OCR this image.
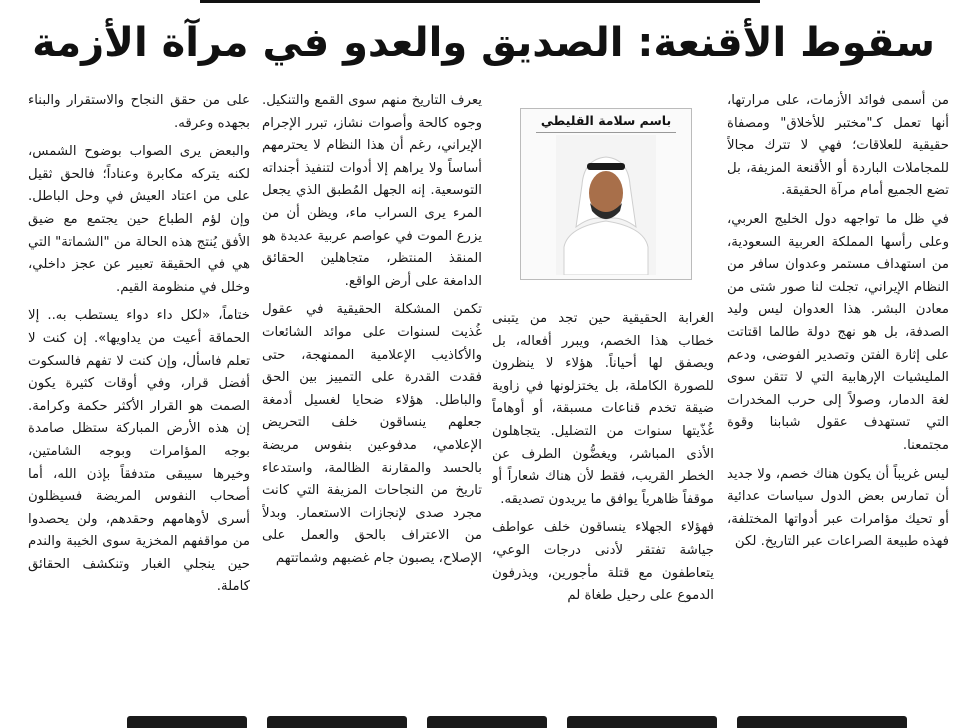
سقوط الأقنعة: الصديق والعدو في مرآة الأزمة

من أسمى فوائد الأزمات، على مرارتها، أنها تعمل كـ"مختبر للأخلاق" ومصفاة حقيقية للعلاقات؛ فهي لا تترك مجالاً للمجاملات الباردة أو الأقنعة المزيفة، بل تضع الجميع أمام مرآة الحقيقة.

في ظل ما تواجهه دول الخليج العربي، وعلى رأسها المملكة العربية السعودية، من استهداف مستمر وعدوان سافر من النظام الإيراني، تجلت لنا صور شتى من معادن البشر. هذا العدوان ليس وليد الصدفة، بل هو نهج دولة طالما اقتاتت على إثارة الفتن وتصدير الفوضى، ودعم المليشيات الإرهابية التي لا تتقن سوى لغة الدمار، وصولاً إلى حرب المخدرات التي تستهدف عقول شبابنا وقوة مجتمعنا.

ليس غريباً أن يكون هناك خصم، ولا جديد أن تمارس بعض الدول سياسات عدائية أو تحيك مؤامرات عبر أدواتها المختلفة، فهذه طبيعة الصراعات عبر التاريخ. لكن

باسم سلامة القليطي

الغرابة الحقيقية حين تجد من يتبنى خطاب هذا الخصم، ويبرر أفعاله، بل ويصفق لها أحياناً. هؤلاء لا ينظرون للصورة الكاملة، بل يختزلونها في زاوية ضيقة تخدم قناعات مسبقة، أو أوهاماً غُذّيتها سنوات من التضليل. يتجاهلون الأذى المباشر، ويغضُّون الطرف عن الخطر القريب، فقط لأن هناك شعاراً أو موقفاً ظاهرياً يوافق ما يريدون تصديقه.

فهؤلاء الجهلاء ينساقون خلف عواطف جياشة تفتقر لأدنى درجات الوعي، يتعاطفون مع قتلة مأجورين، ويذرفون الدموع على رحيل طغاة لم

يعرف التاريخ منهم سوى القمع والتنكيل. وجوه كالحة وأصوات نشاز، تبرر الإجرام الإيراني، رغم أن هذا النظام لا يحترمهم أساساً ولا يراهم إلا أدوات لتنفيذ أجنداته التوسعية. إنه الجهل المُطبق الذي يجعل المرء يرى السراب ماء، ويظن أن من يزرع الموت في عواصم عربية عديدة هو المنقذ المنتظر، متجاهلين الحقائق الدامغة على أرض الواقع.

تكمن المشكلة الحقيقية في عقول غُذيت لسنوات على موائد الشائعات والأكاذيب الإعلامية الممنهجة، حتى فقدت القدرة على التمييز بين الحق والباطل. هؤلاء ضحايا لغسيل أدمغة جعلهم ينساقون خلف التحريض الإعلامي، مدفوعين بنفوس مريضة بالحسد والمقارنة الظالمة، واستدعاء تاريخ من النجاحات المزيفة التي كانت مجرد صدى لإنجازات الاستعمار. وبدلاً من الاعتراف بالحق والعمل على الإصلاح، يصبون جام غضبهم وشماتتهم

على من حقق النجاح والاستقرار والبناء بجهده وعرقه.

والبعض يرى الصواب بوضوح الشمس، لكنه يتركه مكابرة وعناداً؛ فالحق ثقيل على من اعتاد العيش في وحل الباطل. وإن لؤم الطباع حين يجتمع مع ضيق الأفق يُنتج هذه الحالة من "الشماتة" التي هي في الحقيقة تعبير عن عجز داخلي، وخلل في منظومة القيم.

ختاماً، «لكل داء دواء يستطب به.. إلا الحماقة أعيت من يداويها». إن كنت لا تعلم فاسأل، وإن كنت لا تفهم فالسكوت أفضل قرار، وفي أوقات كثيرة يكون الصمت هو القرار الأكثر حكمة وكرامة. إن هذه الأرض المباركة ستظل صامدة بوجه المؤامرات وبوجه الشامتين، وخيرها سيبقى متدفقاً بإذن الله، أما أصحاب النفوس المريضة فسيظلون أسرى لأوهامهم وحقدهم، ولن يحصدوا من مواقفهم المخزية سوى الخيبة والندم حين ينجلي الغبار وتنكشف الحقائق كاملة.
